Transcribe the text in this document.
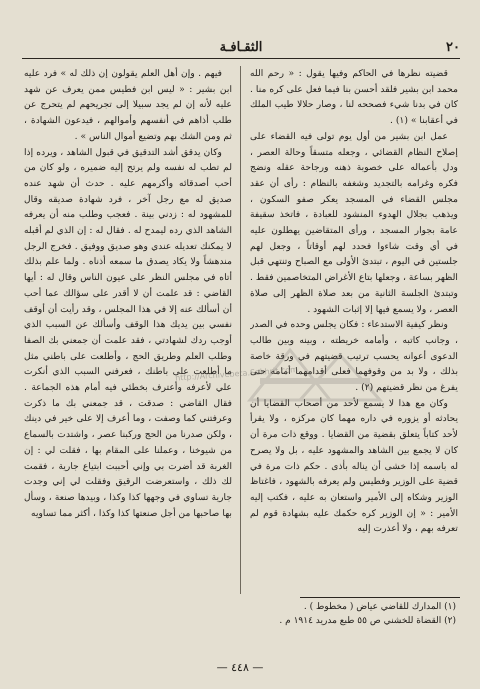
٢٠
الثقـافـة

قضيته نظرها في الحاكم وفيها يقول : « رحم الله محمد ابن بشير فلقد أحسن بنا فيما فعل على كره منا . كان في بدنا شيء فصححه لنا ، وصار حلالا طيب الملك في أعقابنا » (١) .

عمل ابن بشير من أول يوم تولى فيه القضاء على إصلاح النظام القضائي ، وجعله متسقاً وحالة العصر ، ودل بأعماله على خصوبة ذهنه ورجاحة عقله ونضج فكره وغرامه بالتجديد وشغفه بالنظام : رأى أن عقد مجلس القضاء في المسجد يعكر صفو السكون ، ويذهب بجلال الهدوء المنشود للعبادة ، فاتخذ سقيفة عامة بجوار المسجد ، ورأى المتقاضين يهطلون عليه في أي وقت شاءوا فحدد لهم أوقاتاً ، وجعل لهم جلستين في اليوم ، تبتدئ الأولى مع الصباح وتنتهي قبل الظهر بساعة ، وجعلها بتاع الأغراض المتخاصمين فقط . وتبتدئ الجلسة الثانية من بعد صلاة الظهر إلى صلاة العصر ، ولا يسمع فيها إلا إثبات الشهود .

ونظر كيفية الاستدعاء : فكان يجلس وحده في الصدر ، وجانب كاتبه ، وأمامه خريطته ، وبينه وبين طالب الدعوى أعوانه يحسب ترتيب قضيتهم في ورقة خاصة بذلك ، ولا بد من وقوفهما فعلى أقدامهما أمامه حتى يفرغ من نظر قضيتهم (٢) .

وكان مع هذا لا يسمع لأحد من أصحاب القضايا أن يحادثه أو يزوره في داره مهما كان مركزه ، ولا يقرأ لأحد كتاباً يتعلق بقضية من القضايا . ووقع ذات مرة أن كان لا يجمع بين الشاهد والمشهود عليه ، بل ولا يصرح له باسمه إذا خشى أن يناله بأذى . حكم ذات مرة في قضية على الوزير وفطيس ولم يعرفه بالشهود ، فاغتاظ الوزير وشكاه إلى الأمير واستعان به عليه ، فكتب إليه الأمير : « إن الوزير كره حكمك عليه بشهادة قوم لم تعرفه بهم ، ولا أعذرت إليه

فيهم . وإن أهل العلم يقولون إن ذلك له » فرد عليه ابن بشير : « ليس ابن فطيس ممن يعرف عن شهد عليه لأنه إن لم يجد سبيلا إلى تجريحهم لم يتحرج عن طلب أذاهم في أنفسهم وأموالهم ، فيدعون الشهادة ، ثم ومن الشك بهم وتضيع أموال الناس » .

وكان يدقق أشد التدقيق في قبول الشاهد ، ويرده إذا لم تطب له نفسه ولم يرتح إليه ضميره ، ولو كان من أحب أصدقائه وأكرمهم عليه . حدث أن شهد عنده صديق له مع رجل آخر ، فرد شهادة صديقه وقال للمشهود له : زدني بينة . فعجب وطلب منه أن يعرفه الشاهد الذي رده ليمدح له . فقال له : إن الذي لم أقبله لا يمكنك تعديله عندي وهو صديق ووفيق . فخرج الرجل مندهشاً ولا يكاد يصدق ما سمعه أذناه . ولما علم بذلك أتاه في مجلس النظر على عيون الناس وقال له : أيها القاضي : قد علمت أن لا أقدر على سؤالك عما أحب أن أسألك عنه إلا في هذا المجلس ، وقد رأيت أن أوقف نفسي بين يديك هذا الوقف وأسألك عن السبب الذي أوجب ردك لشهادتي ، فقد علمت أن جمعني بك الصفا وطلب العلم وطريق الحج ، وأطلعت على باطني مثل ما أطلعت على باطنك ، فعرفني السبب الذي أنكرت علي لأعرفه وأعترف بخطئي فيه أمام هذه الجماعة . فقال القاضي : صدقت ، قد جمعني بك ما ذكرت وعرفتني كما وصفت ، وما أعرف إلا على خير في دينك ، ولكن صدرنا من الحج وركبنا عصر ، واشتدت بالسماع من شيوخنا ، وعملنا على المقام بها ، فقلت لي : إن الغربة قد أضرت بي وإني أحببت ابتياع جارية ، فقمت لك ذلك ، واستعرضت الرقيق وفقلت لي إني وجدت جارية تساوي في وجهها كذا وكذا ، وبيدها صنعة ، وسأل بها صاحبها من أجل صنعتها كذا وكذا ، أكثر مما تساويه

(١) المدارك للقاضي عياض ( مخطوط ) .
(٢) القضاة للخشني ص ٥٥ طبع مدريد ١٩١٤ م .
— ٤٤٨ —
http://Archivebeta.Sakhrit.com
